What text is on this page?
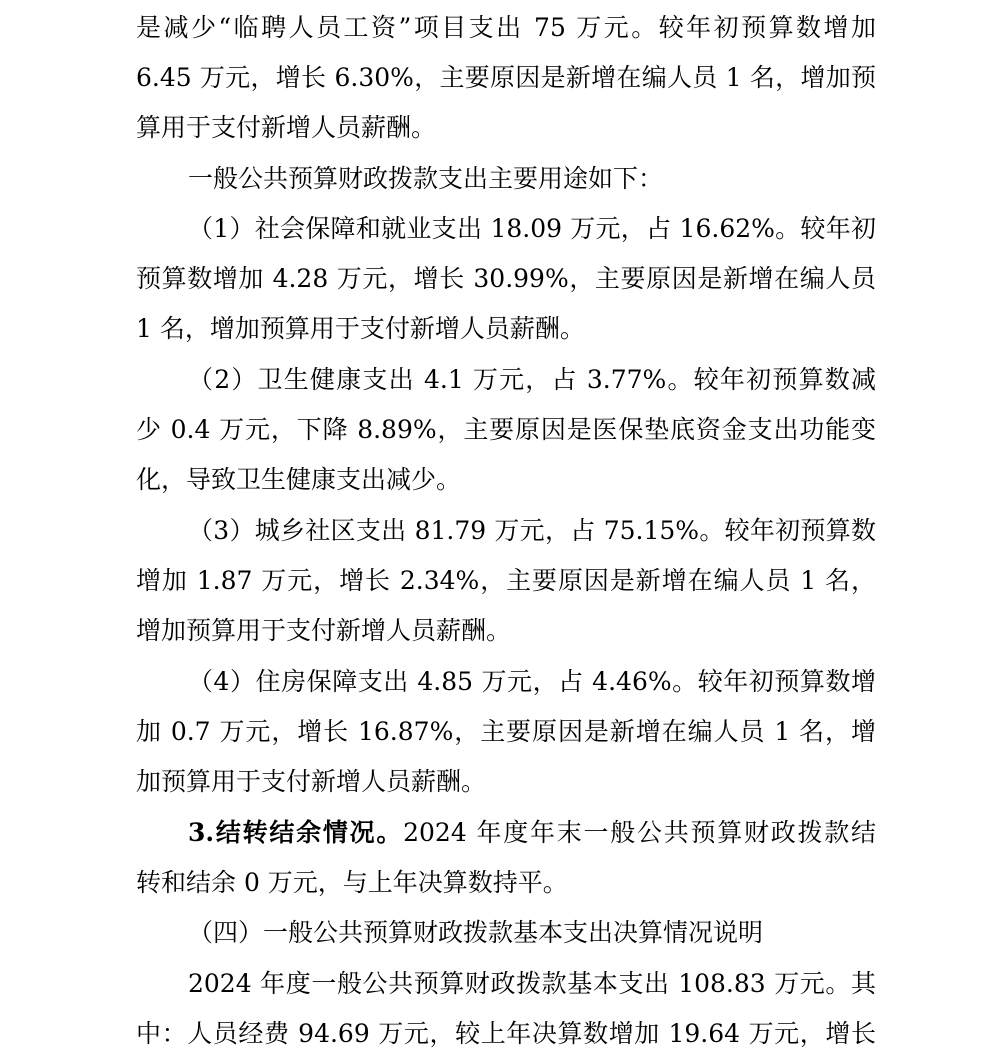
是减少“临聘人员工资”项目支出 75 万元。较年初预算数增加
6.45 万元，增长 6.30%，主要原因是新增在编人员 1 名，增加预
算用于支付新增人员薪酬。
一般公共预算财政拨款支出主要用途如下：
（1）社会保障和就业支出 18.09 万元，占 16.62%。较年初
预算数增加 4.28 万元，增长 30.99%，主要原因是新增在编人员
1 名，增加预算用于支付新增人员薪酬。
（2）卫生健康支出 4.1 万元，占 3.77%。较年初预算数减
少 0.4 万元，下降 8.89%，主要原因是医保垫底资金支出功能变
化，导致卫生健康支出减少。
（3）城乡社区支出 81.79 万元，占 75.15%。较年初预算数
增加 1.87 万元，增长 2.34%，主要原因是新增在编人员 1 名，
增加预算用于支付新增人员薪酬。
（4）住房保障支出 4.85 万元，占 4.46%。较年初预算数增
加 0.7 万元，增长 16.87%，主要原因是新增在编人员 1 名，增
加预算用于支付新增人员薪酬。
3.结转结余情况。2024 年度年末一般公共预算财政拨款结
转和结余 0 万元，与上年决算数持平。
（四）一般公共预算财政拨款基本支出决算情况说明
2024 年度一般公共预算财政拨款基本支出 108.83 万元。其
中：人员经费 94.69 万元，较上年决算数增加 19.64 万元，增长
